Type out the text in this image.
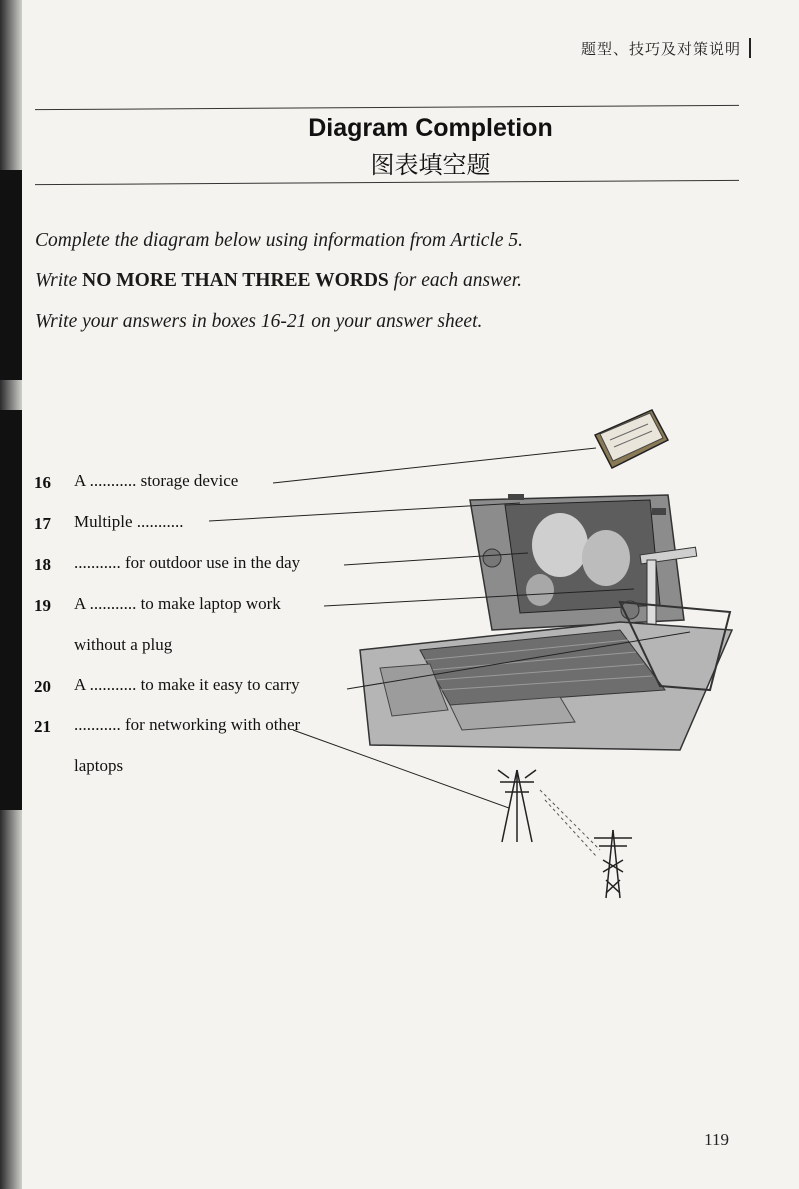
题型、技巧及对策说明
Diagram Completion
图表填空题
Complete the diagram below using information from Article 5.
Write NO MORE THAN THREE WORDS for each answer.
Write your answers in boxes 16-21 on your answer sheet.
16 A ........... storage device
17 Multiple ...........
18 ........... for outdoor use in the day
19 A ........... to make laptop work
without a plug
20 A ........... to make it easy to carry
21 ........... for networking with other
laptops
119
